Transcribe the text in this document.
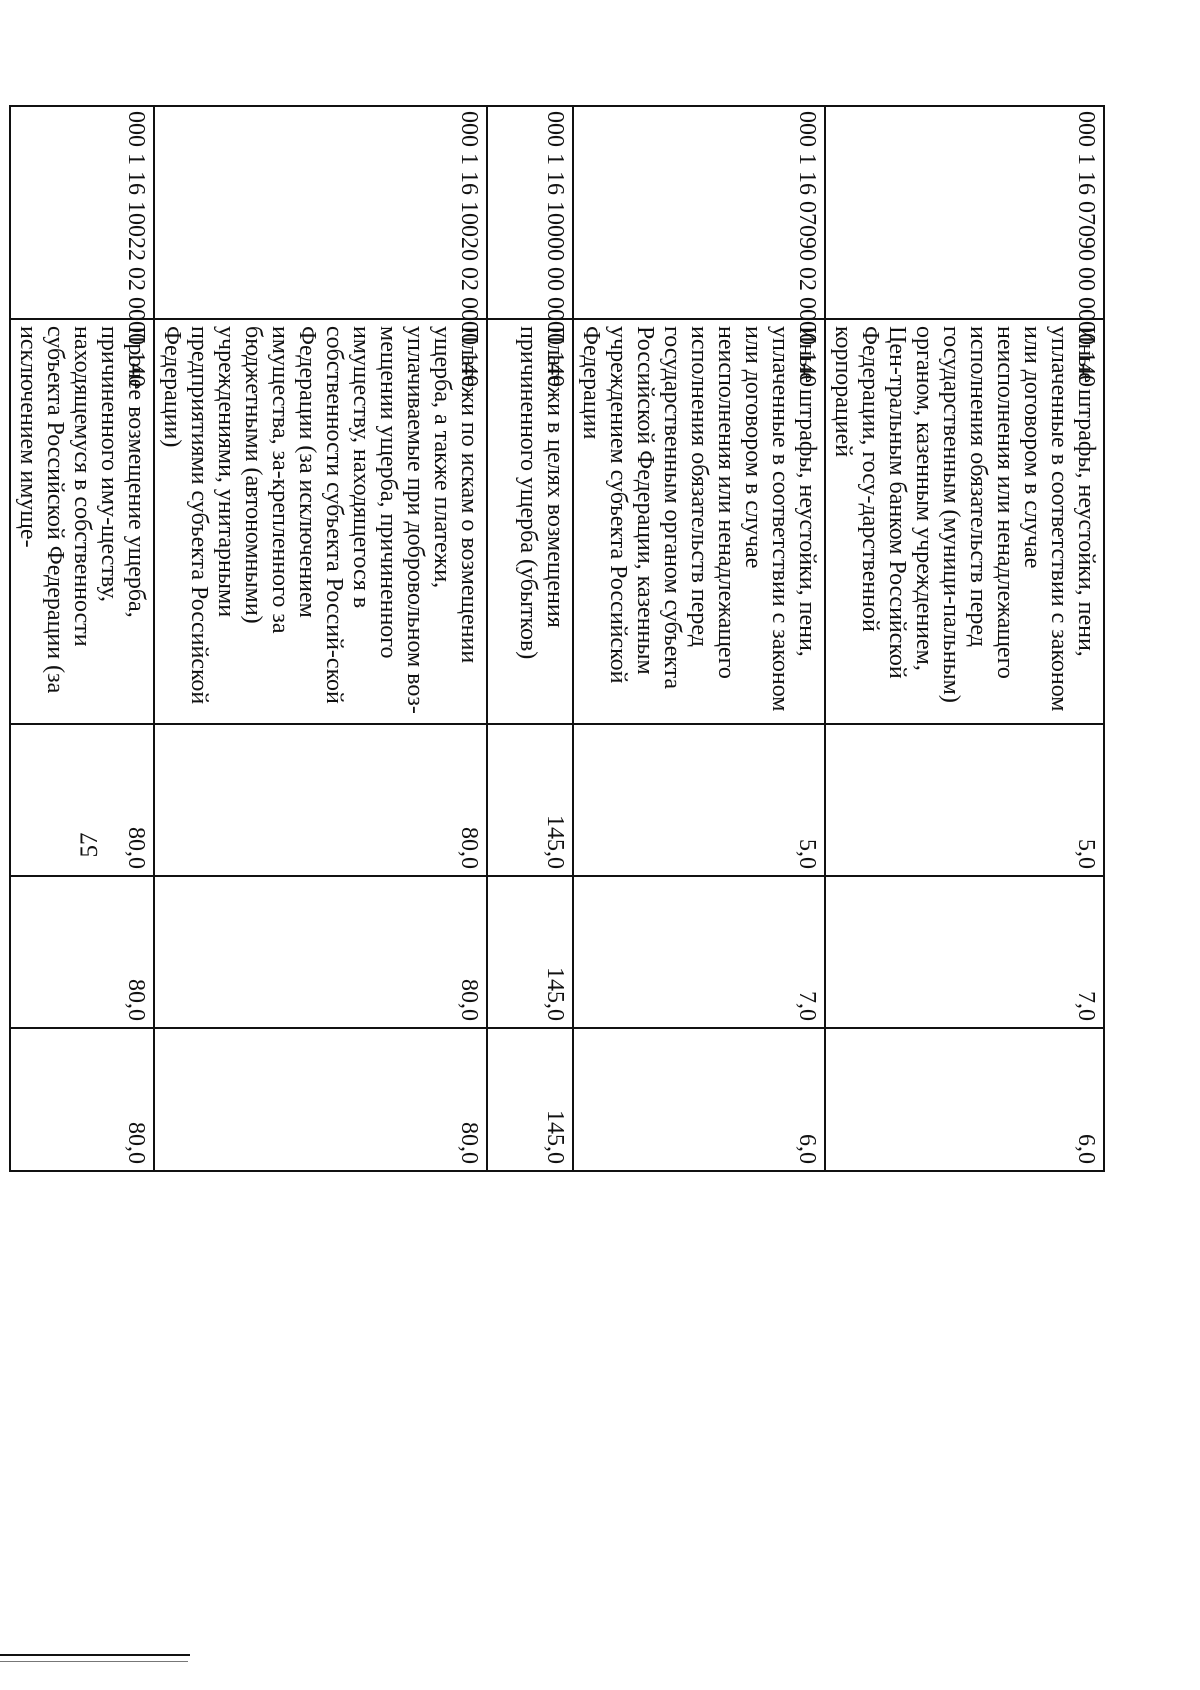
57
000 1 16 07090 00 0000 140	Иные штрафы, неустойки, пени, уплаченные в соответствии с законом или договором в случае неисполнения или ненадлежащего исполнения обязательств перед государственным (муници-пальным) органом, казенным учреждением, Цен-тральным банком Российской Федерации, госу-дарственной корпорацией	5,0	7,0	6,0
000 1 16 07090 02 0000 140	Иные штрафы, неустойки, пени, уплаченные в соответствии с законом или договором в случае неисполнения или ненадлежащего исполнения обязательств перед государственным органом субъекта Российской Федерации, казенным учреждением субъекта Российской Федерации	5,0	7,0	6,0
000 1 16 10000 00 0000 140	Платежи в целях возмещения причиненного ущерба (убытков)	145,0	145,0	145,0
000 1 16 10020 02 0000 140	Платежи по искам о возмещении ущерба, а также платежи, уплачиваемые при добровольном воз-мещении ущерба, причиненного имуществу, находящегося в собственности субъекта Россий-ской Федерации (за исключением имущества, за-крепленного за бюджетными (автономными) учреждениями, унитарными предприятиями субъекта Российской Федерации)	80,0	80,0	80,0
000 1 16 10022 02 0000 140	Прочее возмещение ущерба, причиненного иму-ществу, находящемуся в собственности субъекта Российской Федерации (за исключением имуще-	80,0	80,0	80,0
